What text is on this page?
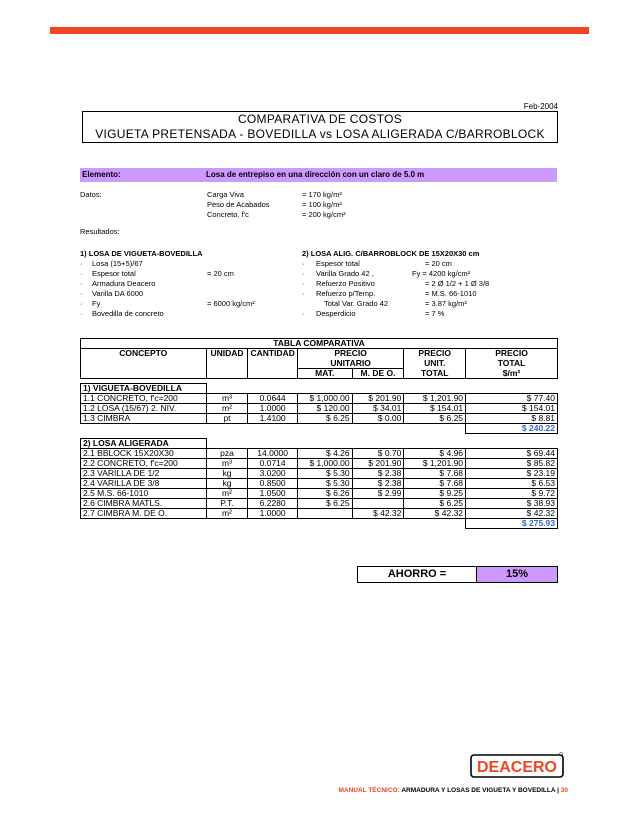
Feb-2004
COMPARATIVA DE COSTOS
VIGUETA PRETENSADA - BOVEDILLA vs LOSA ALIGERADA C/BARROBLOCK
Elemento:	Losa de entrepiso en una dirección con un claro de 5.0 m
Datos:	Carga Viva	= 170 kg/m²
Peso de Acabados	= 100 kg/m²
Concreto, f'c	= 200 kg/cm²
Resultados:
1) LOSA DE VIGUETA-BOVEDILLA
· Losa (15+5)/67
· Espesor total	= 20 cm
· Armadura Deacero
· Varilla DA 6000
· Fy	= 6000 kg/cm²
· Bovedilla de concreto
2) LOSA ALIG. C/BARROBLOCK DE 15X20X30 cm
· Espesor total	= 20 cm
· Varilla Grado 42 ,	Fy = 4200 kg/cm²
· Refuerzo Positivo	= 2 Ø 1/2 + 1 Ø 3/8
· Refuerzo p/Temp.	= M.S. 66-1010
Total Var. Grado 42	= 3.87 kg/m²
· Desperdicio	= 7 %
TABLA COMPARATIVA						
CONCEPTO	UNIDAD	CANTIDAD	PRECIO		PRECIO	PRECIO
			UNITARIO		UNIT.	TOTAL
			MAT.	M. DE O.	TOTAL	$/m²

1) VIGUETA-BOVEDILLA						
1.1 CONCRETO, f'c=200	m³	0.0644	$ 1,000.00	$ 201.90	$ 1,201.90	$ 77.40
1.2 LOSA (15/67) 2. NIV.	m²	1.0000	$ 120.00	$ 34.01	$ 154.01	$ 154.01
1.3 CIMBRA	pt	1.4100	$ 6.25	$ 0.00	$ 6.25	$ 8.81
						$ 240.22

2) LOSA ALIGERADA						
2.1 BBLOCK 15X20X30	pza	14.0000	$ 4.26	$ 0.70	$ 4.96	$ 69.44
2.2 CONCRETO, f'c=200	m³	0.0714	$ 1,000.00	$ 201.90	$ 1,201.90	$ 85.82
2.3 VARILLA DE 1/2	kg	3.0200	$ 5.30	$ 2.38	$ 7.68	$ 23.19
2.4 VARILLA DE 3/8	kg	0.8500	$ 5.30	$ 2.38	$ 7.68	$ 6.53
2.5 M.S. 66-1010	m²	1.0500	$ 6.26	$ 2.99	$ 9.25	$ 9.72
2.6 CIMBRA MATLS.	P.T.	6.2280	$ 6.25		$ 6.25	$ 38.93
2.7 CIMBRA M. DE O.	m²	1.0000		$ 42.32	$ 42.32	$ 42.32
						$ 275.93
AHORRO =	15%
DEACERO
MANUAL TÉCNICO: ARMADURA Y LOSAS DE VIGUETA Y BOVEDILLA | 30
